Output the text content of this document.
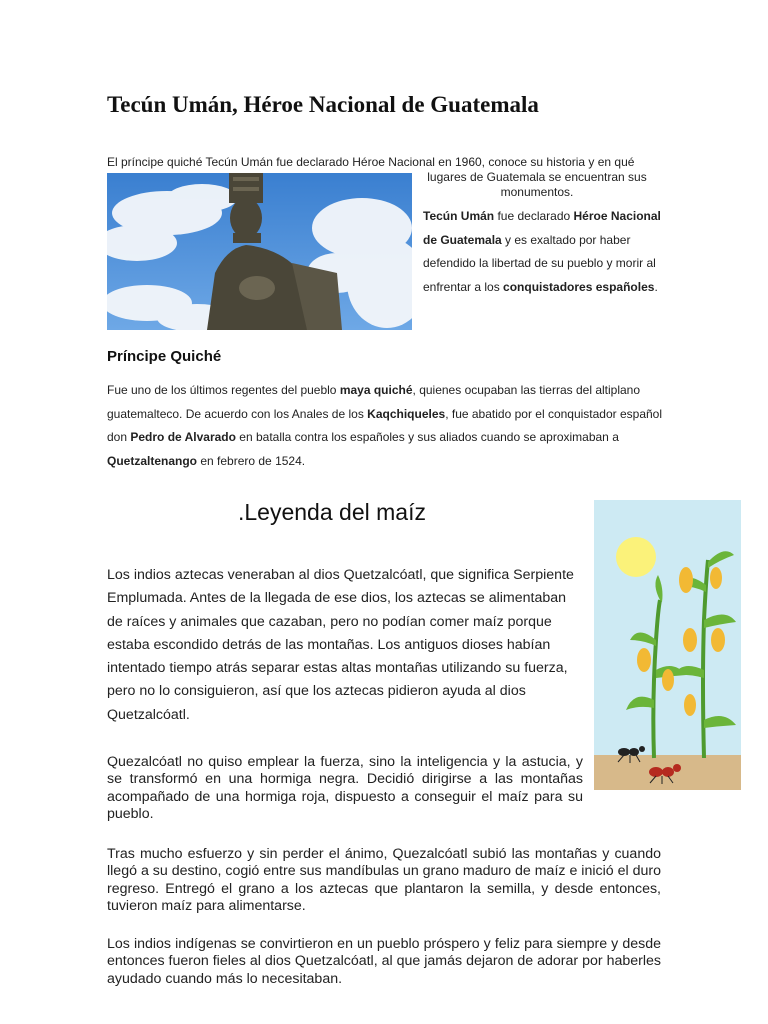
Tecún Umán, Héroe Nacional de Guatemala
El príncipe quiché Tecún Umán fue declarado Héroe Nacional en 1960, conoce su historia y en qué
lugares de Guatemala se encuentran sus monumentos.
Tecún Umán fue declarado Héroe Nacional de Guatemala y es exaltado por haber defendido la libertad de su pueblo y morir al enfrentar a los conquistadores españoles.
Príncipe Quiché
Fue uno de los últimos regentes del pueblo maya quiché, quienes ocupaban las tierras del altiplano guatemalteco. De acuerdo con los Anales de los Kaqchiqueles, fue abatido por el conquistador español don Pedro de Alvarado en batalla contra los españoles y sus aliados cuando se aproximaban a Quetzaltenango en febrero de 1524.
.Leyenda del maíz
Los indios aztecas veneraban al dios Quetzalcóatl, que significa Serpiente Emplumada. Antes de la llegada de ese dios, los aztecas se alimentaban de raíces y animales que cazaban, pero no podían comer maíz porque estaba escondido detrás de las montañas. Los antiguos dioses habían intentado tiempo atrás separar estas altas montañas utilizando su fuerza, pero no lo consiguieron, así que los aztecas pidieron ayuda al dios Quetzalcóatl.
Quezalcóatl no quiso emplear la fuerza, sino la inteligencia y la astucia, y se transformó en una hormiga negra. Decidió dirigirse a las montañas acompañado de una hormiga roja, dispuesto a conseguir el maíz para su pueblo.
Tras mucho esfuerzo y sin perder el ánimo, Quezalcóatl subió las montañas y cuando llegó a su destino, cogió entre sus mandíbulas un grano maduro de maíz e inició el duro regreso. Entregó el grano a los aztecas que plantaron la semilla, y desde entonces, tuvieron maíz para alimentarse.
Los indios indígenas se convirtieron en un pueblo próspero y feliz para siempre y desde entonces fueron fieles al dios Quetzalcóatl, al que jamás dejaron de adorar por haberles ayudado cuando más lo necesitaban.
